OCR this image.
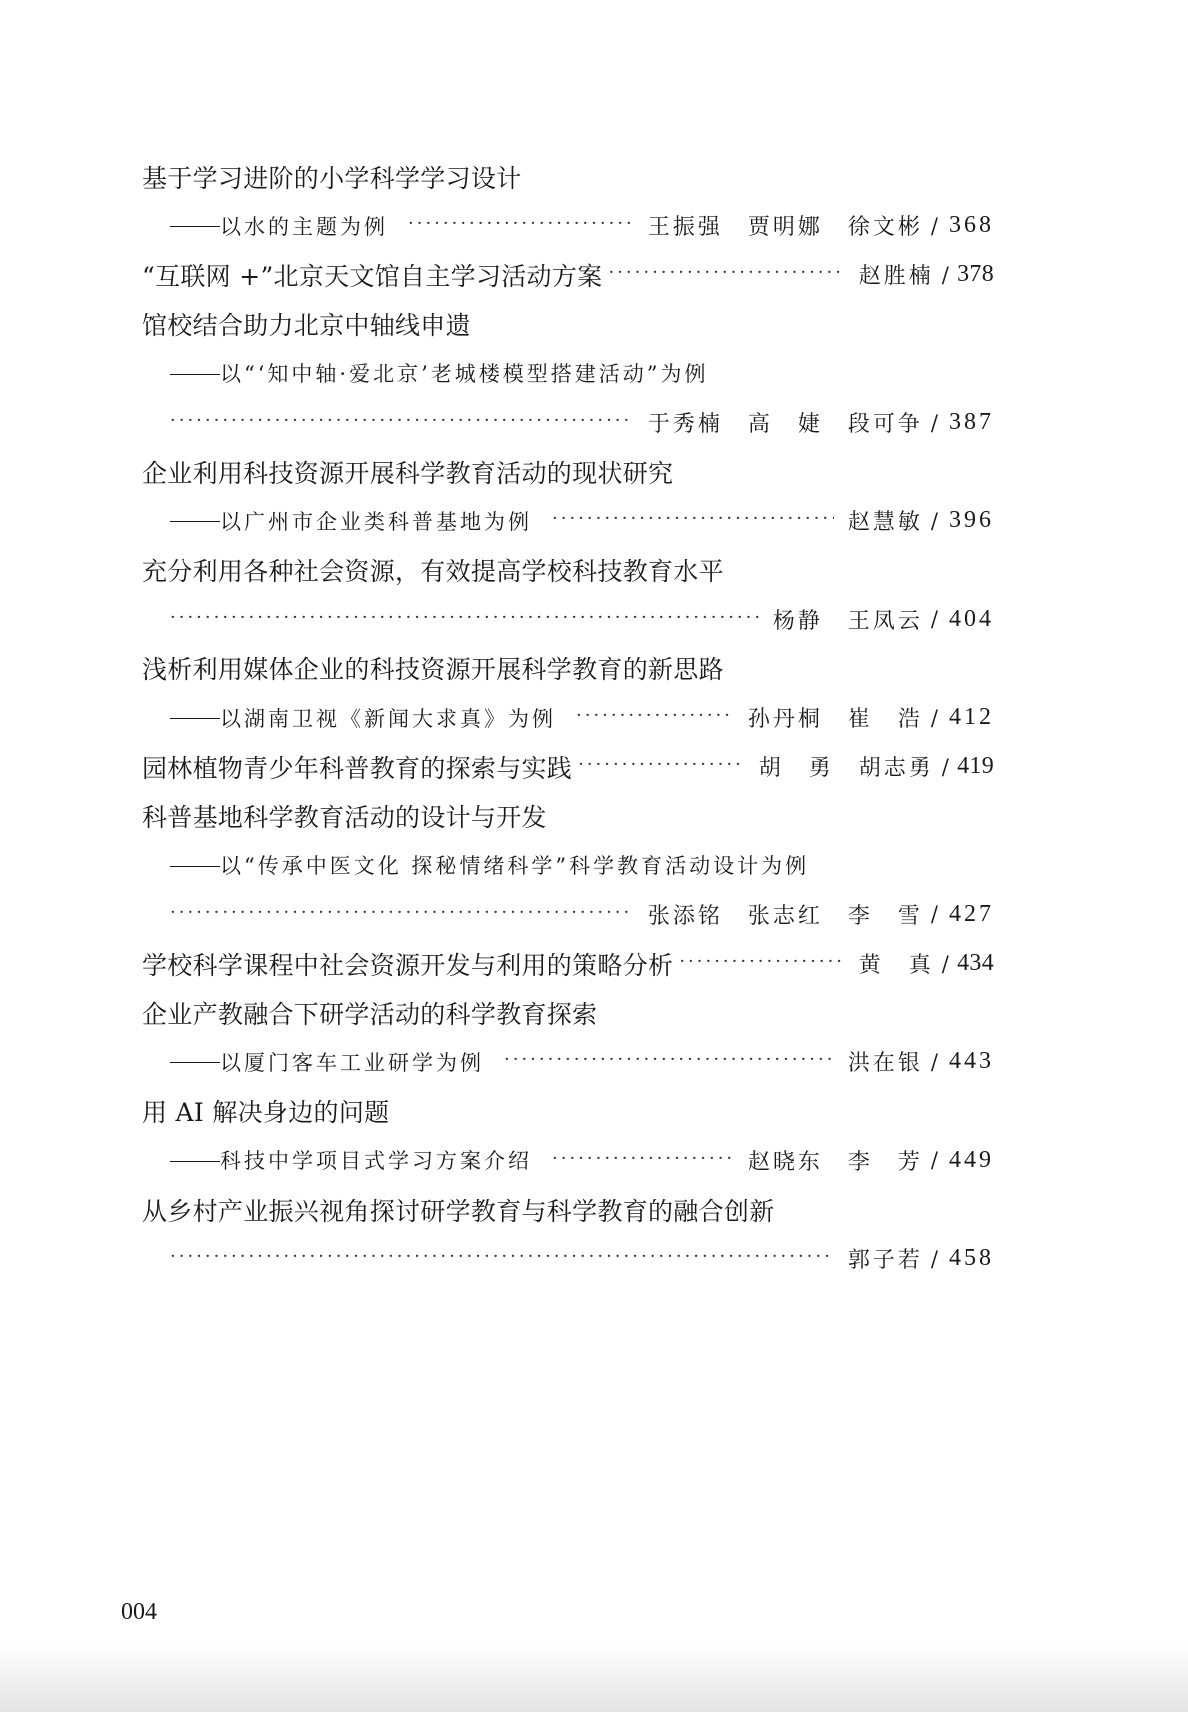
基于学习进阶的小学科学学习设计
以水的主题为例 ·····	王振强　贾明娜　徐文彬 / 368
“互联网 +”北京天文馆自主学习活动方案 ·····	赵胜楠 / 378
馆校结合助力北京中轴线申遗
以“‘知中轴·爱北京’老城楼模型搭建活动”为例
·····
于秀楠　高　婕　段可争 / 387
企业利用科技资源开展科学教育活动的现状研究
以广州市企业类科普基地为例 ·····	赵慧敏 / 396
充分利用各种社会资源，有效提高学校科技教育水平
·····
杨静　王凤云 / 404
浅析利用媒体企业的科技资源开展科学教育的新思路
以湖南卫视《新闻大求真》为例 ·····	孙丹桐　崔　浩 / 412
园林植物青少年科普教育的探索与实践 ·····	胡　勇　胡志勇 / 419
科普基地科学教育活动的设计与开发
以“传承中医文化 探秘情绪科学”科学教育活动设计为例
·····
张添铭　张志红　李　雪 / 427
学校科学课程中社会资源开发与利用的策略分析 ·····	黄　真 / 434
企业产教融合下研学活动的科学教育探索
以厦门客车工业研学为例 ·····	洪在银 / 443
用 AI 解决身边的问题
科技中学项目式学习方案介绍 ·····	赵晓东　李　芳 / 449
从乡村产业振兴视角探讨研学教育与科学教育的融合创新
·····
郭子若 / 458
004
